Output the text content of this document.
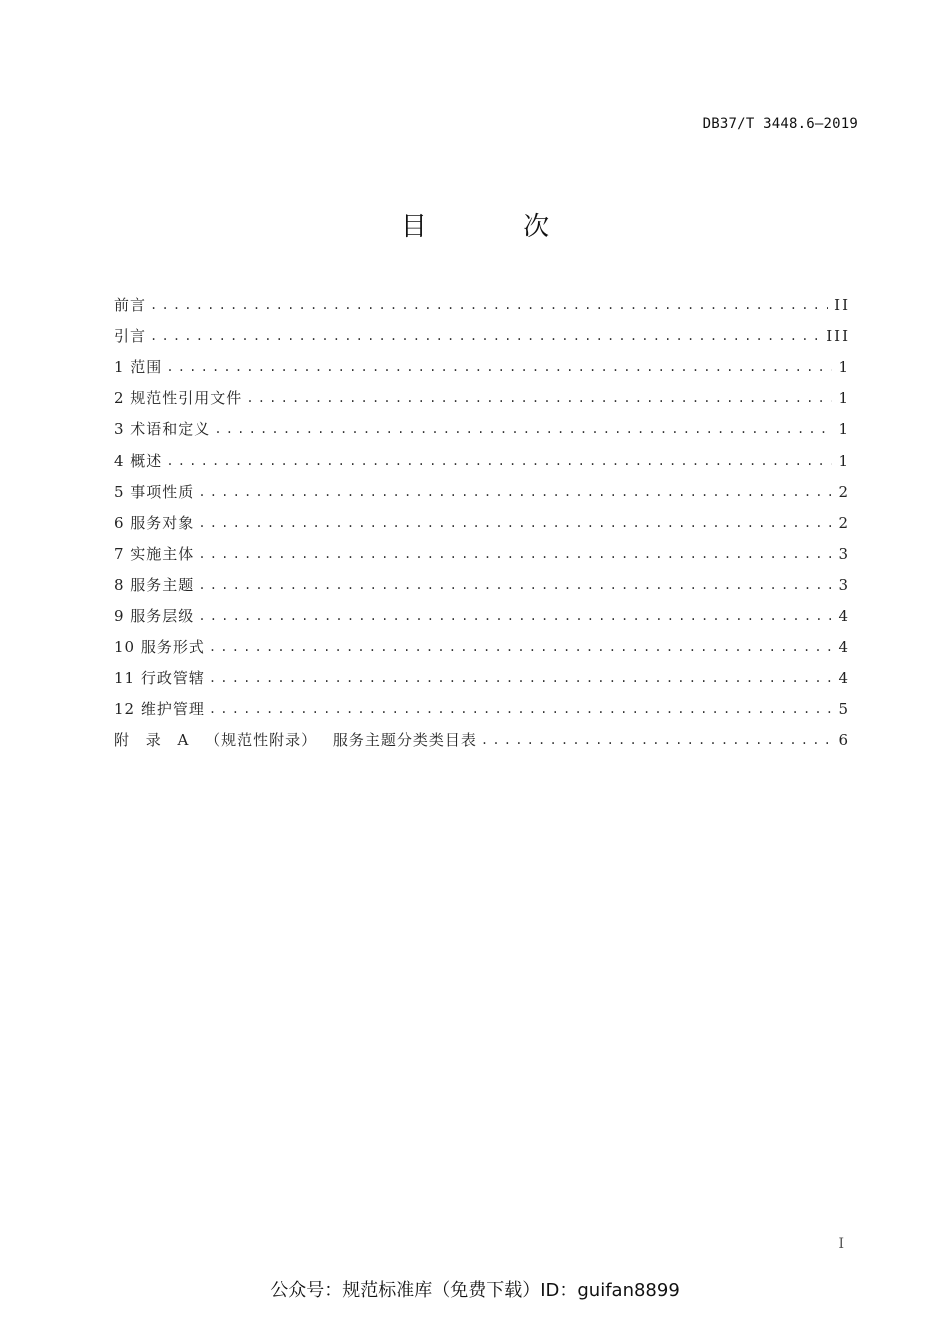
DB37/T 3448.6—2019
目 次
前言 .....	II
引言 .....	III
1 范围 .....	1
2 规范性引用文件 .....	1
3 术语和定义 .....	1
4 概述 .....	1
5 事项性质 .....	2
6 服务对象 .....	2
7 实施主体 .....	3
8 服务主题 .....	3
9 服务层级 .....	4
10 服务形式 .....	4
11 行政管辖 .....	4
12 维护管理 .....	5
附 录 A （规范性附录） 服务主题分类类目表 .....	6
I
公众号：规范标准库（免费下载）ID：guifan8899
